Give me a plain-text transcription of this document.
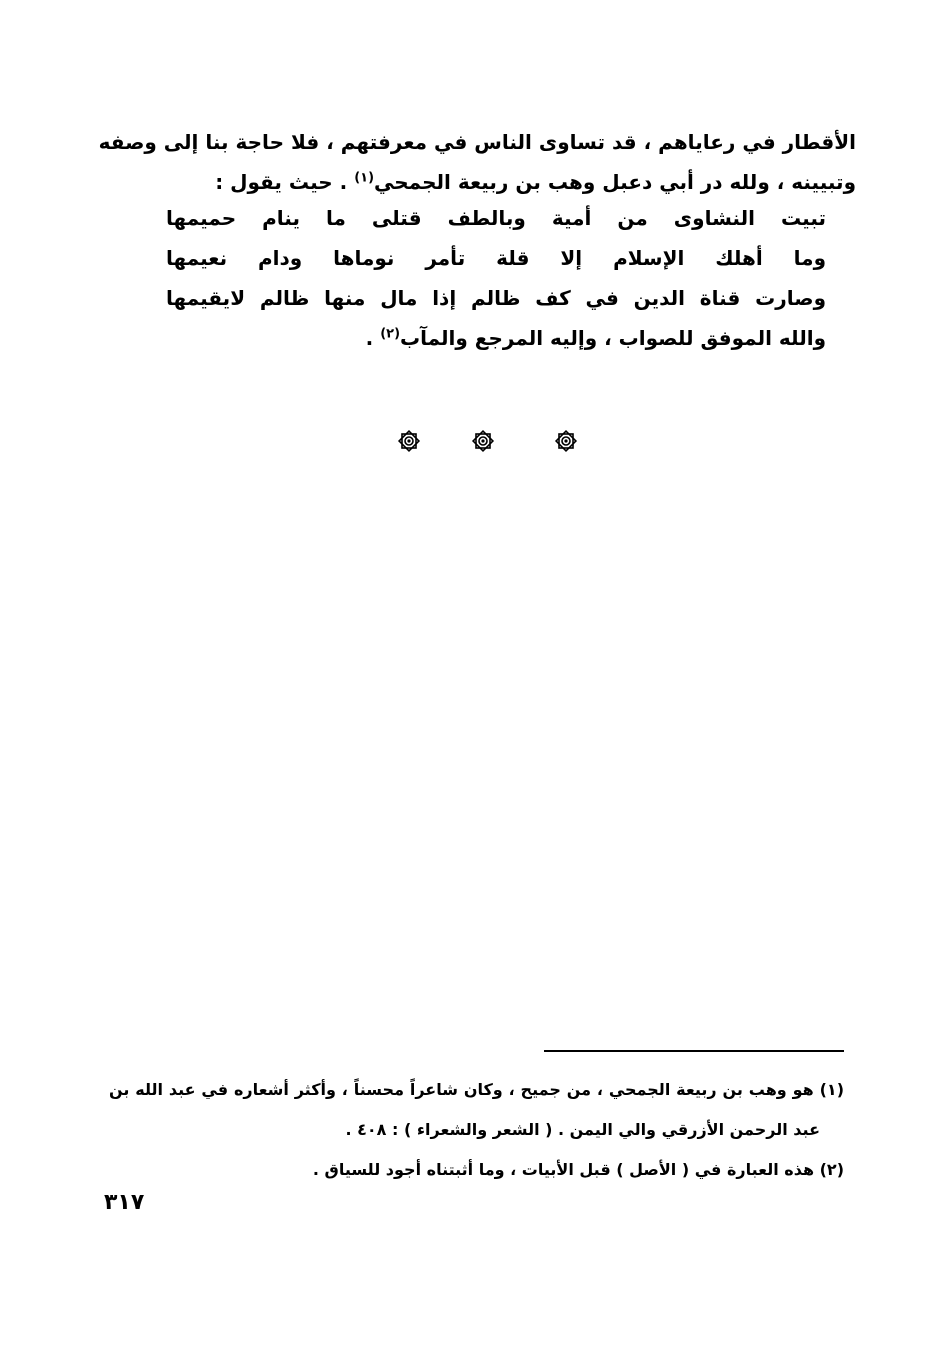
الأقطار في رعاياهم ، قد تساوى الناس في معرفتهم ، فلا حاجة بنا إلى وصفه
وتبيينه ، ولله در أبي دعبل وهب بن ربيعة الجمحي$^{(١)}$ . حيث يقول :
تبيت النشاوى من أمية وبالطف قتلى ما ينام حميمها
وما أهلك الإسلام إلا قلة تأمر نوماها ودام نعيمها
وصارت قناة الدين في كف ظالم إذا مال منها ظالم لايقيمها
والله الموفق للصواب ، وإليه المرجع والمآب$^{(٢)}$ .
(١) هو وهب بن ربيعة الجمحي ، من جميح ، وكان شاعراً محسناً ، وأكثر أشعاره في عبد الله بن
عبد الرحمن الأزرقي والي اليمن . ( الشعر والشعراء ) : ٤٠٨ .
(٢) هذه العبارة في ( الأصل ) قبل الأبيات ، وما أثبتناه أجود للسياق .
٣١٧
